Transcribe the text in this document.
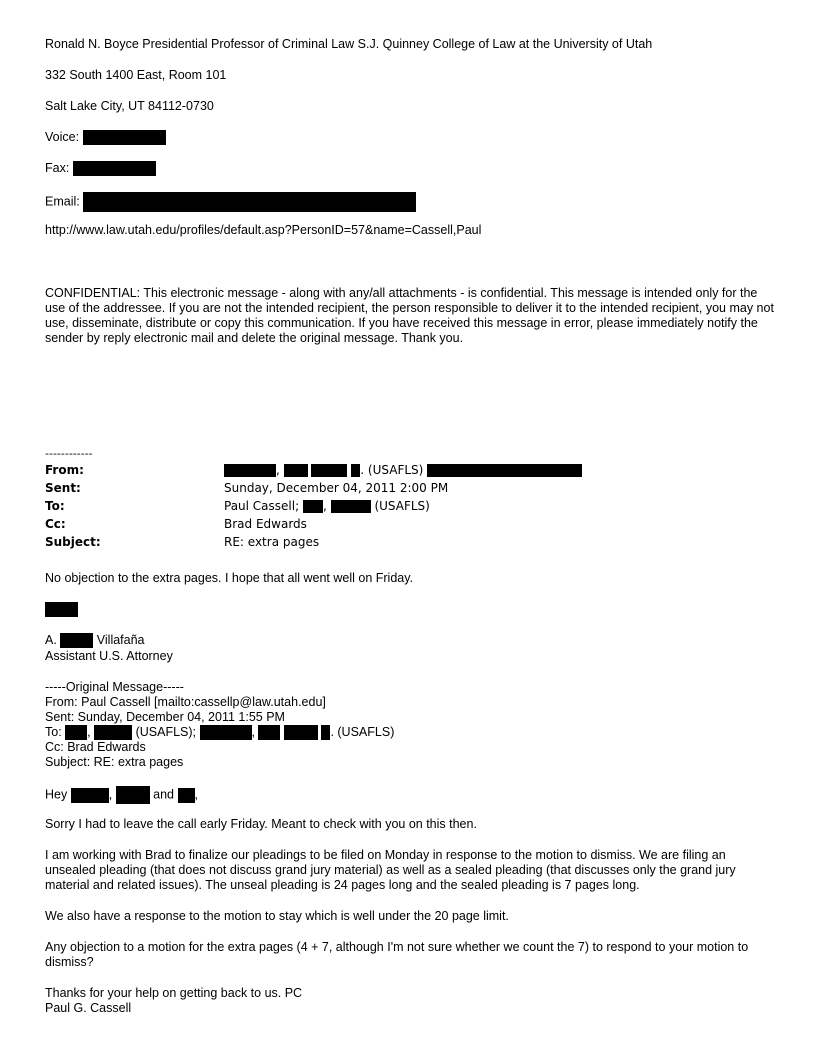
Ronald N. Boyce Presidential Professor of Criminal Law S.J. Quinney College of Law at the University of Utah
332 South 1400 East, Room 101
Salt Lake City, UT 84112-0730
Voice:
Fax:
Email:
http://www.law.utah.edu/profiles/default.asp?PersonID=57&name=Cassell,Paul
CONFIDENTIAL: This electronic message - along with any/all attachments - is confidential. This message is intended only for the use of the addressee. If you are not the intended recipient, the person responsible to deliver it to the intended recipient, you may not use, disseminate, distribute or copy this communication. If you have received this message in error, please immediately notify the sender by reply electronic mail and delete the original message. Thank you.
------------
From:	,	. (USAFLS)
Sent:	Sunday, December 04, 2011 2:00 PM
To:	Paul Cassell; ,	(USAFLS)
Cc:	Brad Edwards
Subject:	RE: extra pages
No objection to the extra pages. I hope that all went well on Friday.
A.	Villafaña
Assistant U.S. Attorney
-----Original Message-----
From: Paul Cassell [mailto:cassellp@law.utah.edu]
Sent: Sunday, December 04, 2011 1:55 PM
To: ,	(USAFLS);	,	. (USAFLS)
Cc: Brad Edwards
Subject: RE: extra pages
Hey	,	and ,
Sorry I had to leave the call early Friday. Meant to check with you on this then.
I am working with Brad to finalize our pleadings to be filed on Monday in response to the motion to dismiss. We are filing an unsealed pleading (that does not discuss grand jury material) as well as a sealed pleading (that discusses only the grand jury material and related issues). The unseal pleading is 24 pages long and the sealed pleading is 7 pages long.
We also have a response to the motion to stay which is well under the 20 page limit.
Any objection to a motion for the extra pages (4 + 7, although I'm not sure whether we count the 7) to respond to your motion to dismiss?
Thanks for your help on getting back to us. PC
Paul G. Cassell
